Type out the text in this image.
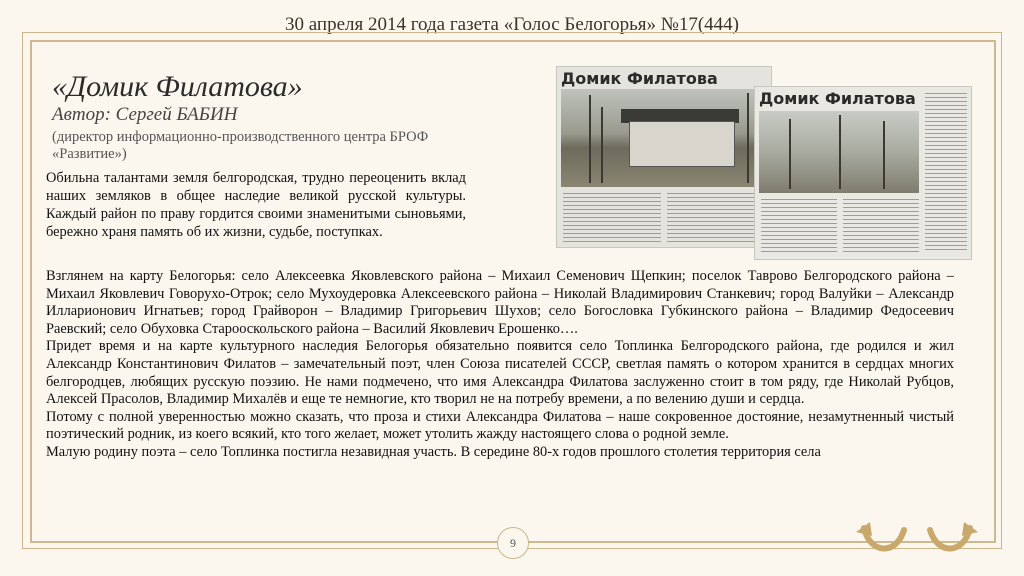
30 апреля 2014 года газета «Голос Белогорья» №17(444)
«Домик Филатова»
Автор: Сергей БАБИН
(директор информационно-производственного центра БРОФ «Развитие»)
Обильна талантами земля белгородская, трудно переоценить вклад наших земляков в общее наследие великой русской культуры. Каждый район по праву гордится своими знаменитыми сыновьями, бережно храня память об их жизни, судьбе, поступках.
Домик Филатова
Домик Филатова

Взглянем на карту Белогорья: село Алексеевка Яковлевского района – Михаил Семенович Щепкин; поселок Таврово Белгородского района – Михаил Яковлевич Говорухо-Отрок; село Мухоудеровка Алексеевского района – Николай Владимирович Станкевич; город Валуйки – Александр Илларионович Игнатьев; город Грайворон – Владимир Григорьевич Шухов; село Богословка Губкинского района – Владимир Федосеевич Раевский; село Обуховка Старооскольского района – Василий Яковлевич Ерошенко….

Придет время и на карте культурного наследия Белогорья обязательно появится село Топлинка Белгородского района, где родился и жил Александр Константинович Филатов – замечательный поэт, член Союза писателей СССР, светлая память о котором хранится в сердцах многих белгородцев, любящих русскую поэзию. Не нами подмечено, что имя Александра Филатова заслуженно стоит в том ряду, где Николай Рубцов, Алексей Прасолов, Владимир Михалёв и еще те немногие, кто творил не на потребу времени, а по велению души и сердца.

Потому с полной уверенностью можно сказать, что проза и стихи Александра Филатова – наше сокровенное достояние, незамутненный чистый поэтический родник, из коего всякий, кто того желает, может утолить жажду настоящего слова о родной земле.

Малую родину поэта – село Топлинка постигла незавидная участь. В середине 80-х годов прошлого столетия территория села

9
